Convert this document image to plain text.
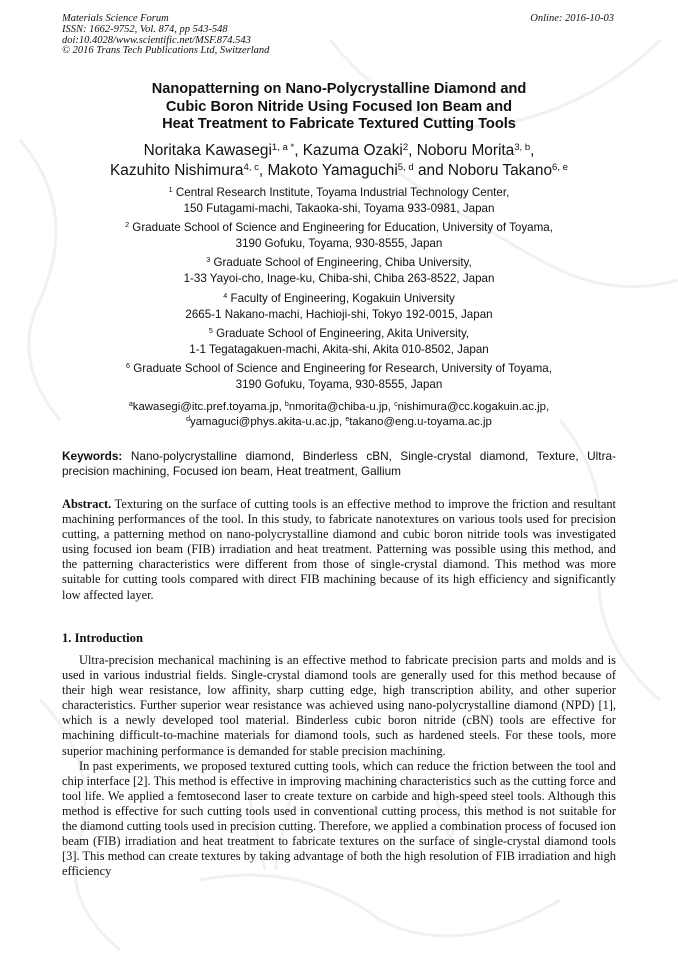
Materials Science Forum
ISSN: 1662-9752, Vol. 874, pp 543-548
doi:10.4028/www.scientific.net/MSF.874.543
© 2016 Trans Tech Publications Ltd, Switzerland
Online: 2016-10-03
Nanopatterning on Nano-Polycrystalline Diamond and
Cubic Boron Nitride Using Focused Ion Beam and
Heat Treatment to Fabricate Textured Cutting Tools
Noritaka Kawasegi$^{1, a *}$, Kazuma Ozaki$^2$, Noboru Morita$^{3, b}$,
Kazuhito Nishimura$^{4, c}$, Makoto Yamaguchi$^{5, d}$ and Noboru Takano$^{6, e}$
$^1$ Central Research Institute, Toyama Industrial Technology Center,
150 Futagami-machi, Takaoka-shi, Toyama 933-0981, Japan
$^2$ Graduate School of Science and Engineering for Education, University of Toyama,
3190 Gofuku, Toyama, 930-8555, Japan
$^3$ Graduate School of Engineering, Chiba University,
1-33 Yayoi-cho, Inage-ku, Chiba-shi, Chiba 263-8522, Japan
$^4$ Faculty of Engineering, Kogakuin University
2665-1 Nakano-machi, Hachioji-shi, Tokyo 192-0015, Japan
$^5$ Graduate School of Engineering, Akita University,
1-1 Tegatagakuen-machi, Akita-shi, Akita 010-8502, Japan
$^6$ Graduate School of Science and Engineering for Research, University of Toyama,
3190 Gofuku, Toyama, 930-8555, Japan
$^a$kawasegi@itc.pref.toyama.jp, $^b$nmorita@chiba-u.jp, $^c$nishimura@cc.kogakuin.ac.jp,
$^d$yamaguci@phys.akita-u.ac.jp, $^e$takano@eng.u-toyama.ac.jp
Keywords: Nano-polycrystalline diamond, Binderless cBN, Single-crystal diamond, Texture, Ultra-precision machining, Focused ion beam, Heat treatment, Gallium
Abstract. Texturing on the surface of cutting tools is an effective method to improve the friction and resultant machining performances of the tool. In this study, to fabricate nanotextures on various tools used for precision cutting, a patterning method on nano-polycrystalline diamond and cubic boron nitride tools was investigated using focused ion beam (FIB) irradiation and heat treatment. Patterning was possible using this method, and the patterning characteristics were different from those of single-crystal diamond. This method was more suitable for cutting tools compared with direct FIB machining because of its high efficiency and significantly low affected layer.
1. Introduction

Ultra-precision mechanical machining is an effective method to fabricate precision parts and molds and is used in various industrial fields. Single-crystal diamond tools are generally used for this method because of their high wear resistance, low affinity, sharp cutting edge, high transcription ability, and other superior characteristics. Further superior wear resistance was achieved using nano-polycrystalline diamond (NPD) [1], which is a newly developed tool material. Binderless cubic boron nitride (cBN) tools are effective for machining difficult-to-machine materials for diamond tools, such as hardened steels. For these tools, more superior machining performance is demanded for stable precision machining.

In past experiments, we proposed textured cutting tools, which can reduce the friction between the tool and chip interface [2]. This method is effective in improving machining characteristics such as the cutting force and tool life. We applied a femtosecond laser to create texture on carbide and high-speed steel tools. Although this method is effective for such cutting tools used in conventional cutting process, this method is not suitable for the diamond cutting tools used in precision cutting. Therefore, we applied a combination process of focused ion beam (FIB) irradiation and heat treatment to fabricate textures on the surface of single-crystal diamond tools [3]. This method can create textures by taking advantage of both the high resolution of FIB irradiation and high efficiency
